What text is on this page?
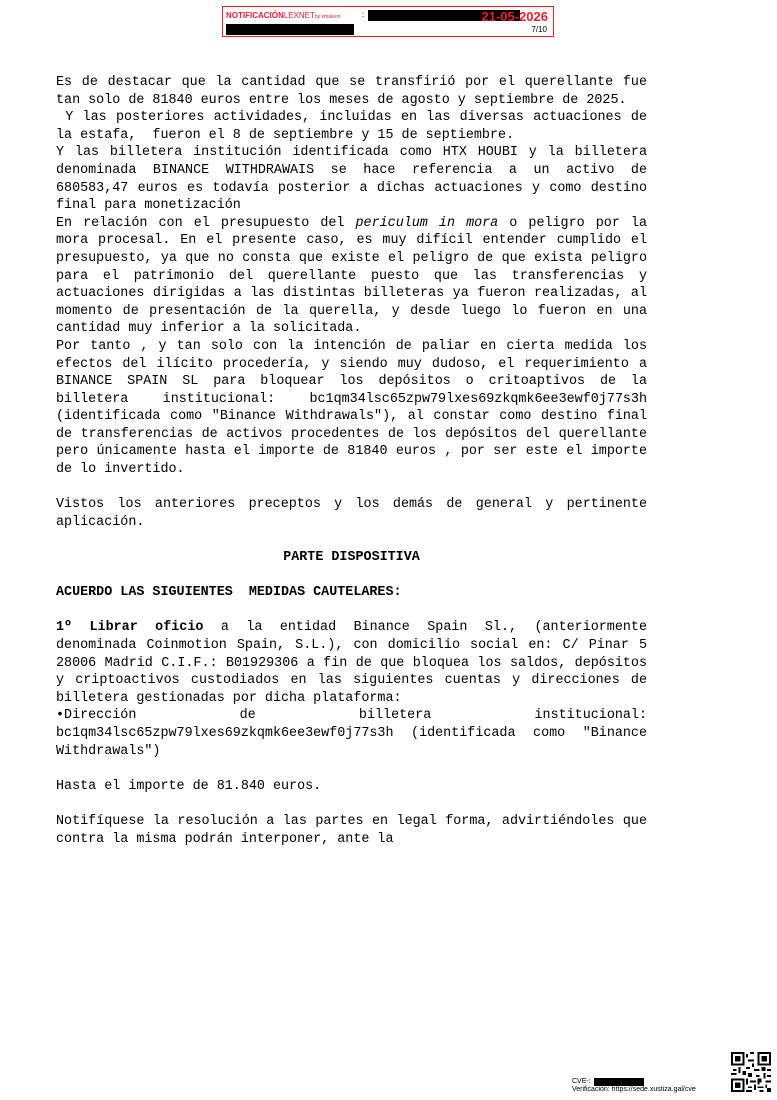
NOTIFICACIÓNLEXNETby kmaleon	:	21-05-2026
7/10

Es de destacar que la cantidad que se transfirió por el querellante fue tan solo de 81840 euros entre los meses de agosto y septiembre de 2025.

Y las posteriores actividades, incluidas en las diversas actuaciones de la estafa,  fueron el 8 de septiembre y 15 de septiembre.

Y las billetera institución identificada como HTX HOUBI y la billetera denominada BINANCE WITHDRAWAIS se hace referencia a un activo de 680583,47 euros es todavía posterior a dichas actuaciones y como destino final para monetización

En relación con el presupuesto del periculum in mora o peligro por la mora procesal. En el presente caso, es muy difícil entender cumplido el presupuesto, ya que no consta que existe el peligro de que exista peligro para el patrimonio del querellante puesto que las transferencias y actuaciones dirigidas a las distintas billeteras ya fueron realizadas, al momento de presentación de la querella, y desde luego lo fueron en una cantidad muy inferior a la solicitada.

Por tanto , y tan solo con la intención de paliar en cierta medida los efectos del ilícito procedería, y siendo muy dudoso, el requerimiento a BINANCE SPAIN SL para bloquear los depósitos o critoaptivos de la billetera institucional: bc1qm34lsc65zpw79lxes69zkqmk6ee3ewf0j77s3h (identificada como "Binance Withdrawals"), al constar como destino final de transferencias de activos procedentes de los depósitos del querellante pero únicamente hasta el importe de 81840 euros , por ser este el importe de lo invertido.

Vistos los anteriores preceptos y los demás de general y pertinente aplicación.

PARTE DISPOSITIVA

ACUERDO LAS SIGUIENTES  MEDIDAS CAUTELARES:

1º Librar oficio a la entidad Binance Spain Sl., (anteriormente denominada Coinmotion Spain, S.L.), con domicilio social en: C/ Pinar 5 28006 Madrid C.I.F.: B01929306 a fin de que bloquea los saldos, depósitos y criptoactivos custodiados en las siguientes cuentas y direcciones de billetera gestionadas por dicha plataforma:

•Dirección de billetera institucional: bc1qm34lsc65zpw79lxes69zkqmk6ee3ewf0j77s3h (identificada como "Binance Withdrawals")

Hasta el importe de 81.840 euros.

Notifíquese la resolución a las partes en legal forma, advirtiéndoles que contra la misma podrán interponer, ante la

CVE-:
Verificación: https://sede.xustiza.gal/cve
